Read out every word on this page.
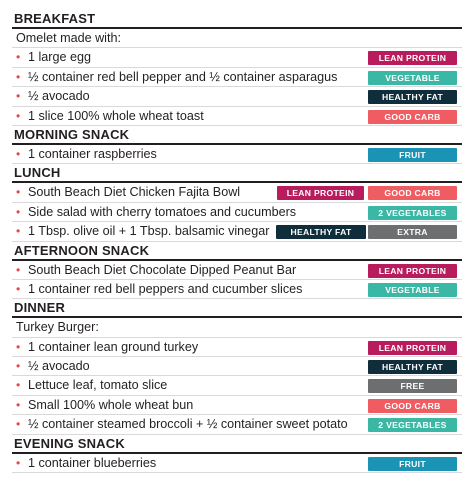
BREAKFAST
Omelet made with:
• 1 large egg	LEAN PROTEIN
• ½ container red bell pepper and ½ container asparagus	VEGETABLE
• ½ avocado	HEALTHY FAT
• 1 slice 100% whole wheat toast	GOOD CARB
MORNING SNACK
• 1 container raspberries	FRUIT
LUNCH
• South Beach Diet Chicken Fajita Bowl	LEAN PROTEIN	GOOD CARB
• Side salad with cherry tomatoes and cucumbers	2 VEGETABLES
• 1 Tbsp. olive oil + 1 Tbsp. balsamic vinegar	HEALTHY FAT	EXTRA
AFTERNOON SNACK
• South Beach Diet Chocolate Dipped Peanut Bar	LEAN PROTEIN
• 1 container red bell peppers and cucumber slices	VEGETABLE
DINNER
Turkey Burger:
• 1 container lean ground turkey	LEAN PROTEIN
• ½ avocado	HEALTHY FAT
• Lettuce leaf, tomato slice	FREE
• Small 100% whole wheat bun	GOOD CARB
• ½ container steamed broccoli + ½ container sweet potato	2 VEGETABLES
EVENING SNACK
• 1 container blueberries	FRUIT
